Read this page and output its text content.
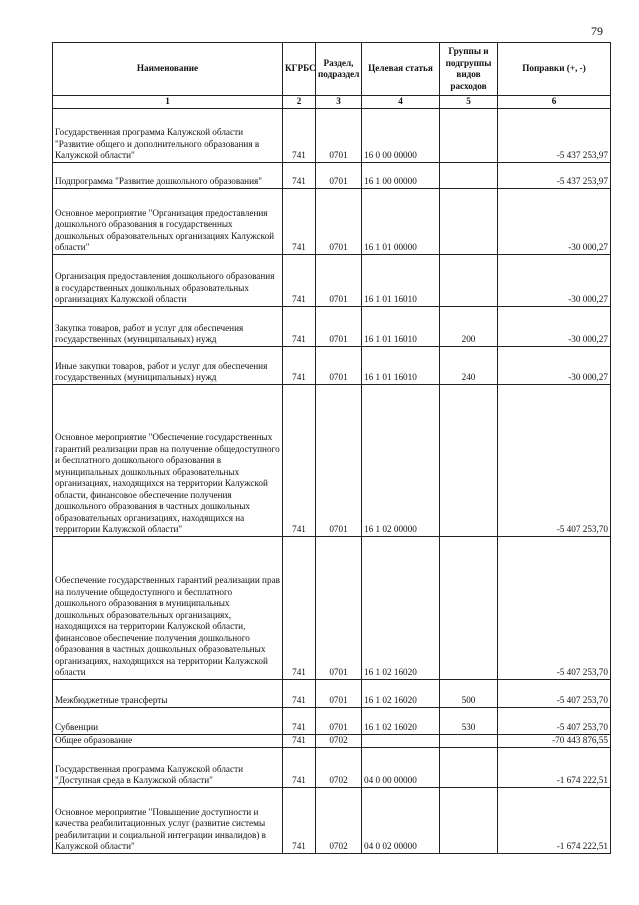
79
Наименование	КГРБС	Раздел, подраздел	Целевая статья	Группы и подгруппы видов расходов	Поправки (+, -)
1	2	3	4	5	6
Государственная программа Калужской области "Развитие общего и дополнительного образования в Калужской области"	741	0701	16 0 00 00000		-5 437 253,97
Подпрограмма "Развитие дошкольного образования"	741	0701	16 1 00 00000		-5 437 253,97
Основное мероприятие "Организация предоставления дошкольного образования в государственных дошкольных образовательных организациях Калужской области"	741	0701	16 1 01 00000		-30 000,27
Организация предоставления дошкольного образования в государственных дошкольных образовательных организациях Калужской области	741	0701	16 1 01 16010		-30 000,27
Закупка товаров, работ и услуг для обеспечения государственных (муниципальных) нужд	741	0701	16 1 01 16010	200	-30 000,27
Иные закупки товаров, работ и услуг для обеспечения государственных (муниципальных) нужд	741	0701	16 1 01 16010	240	-30 000,27
Основное мероприятие "Обеспечение государственных гарантий реализации прав на получение общедоступного и бесплатного дошкольного образования в муниципальных дошкольных образовательных организациях, находящихся на территории Калужской области, финансовое обеспечение получения дошкольного образования в частных дошкольных образовательных организациях, находящихся на территории Калужской области"	741	0701	16 1 02 00000		-5 407 253,70
Обеспечение государственных гарантий реализации прав на получение общедоступного и бесплатного дошкольного образования в муниципальных дошкольных образовательных организациях, находящихся на территории Калужской области, финансовое обеспечение получения дошкольного образования в частных дошкольных образовательных организациях, находящихся на территории Калужской области	741	0701	16 1 02 16020		-5 407 253,70
Межбюджетные трансферты	741	0701	16 1 02 16020	500	-5 407 253,70
Субвенции	741	0701	16 1 02 16020	530	-5 407 253,70
Общее образование	741	0702			-70 443 876,55
Государственная программа Калужской области "Доступная среда в Калужской области"	741	0702	04 0 00 00000		-1 674 222,51
Основное мероприятие "Повышение доступности и качества реабилитационных услуг (развитие системы реабилитации и социальной интеграции инвалидов) в Калужской области"	741	0702	04 0 02 00000		-1 674 222,51
